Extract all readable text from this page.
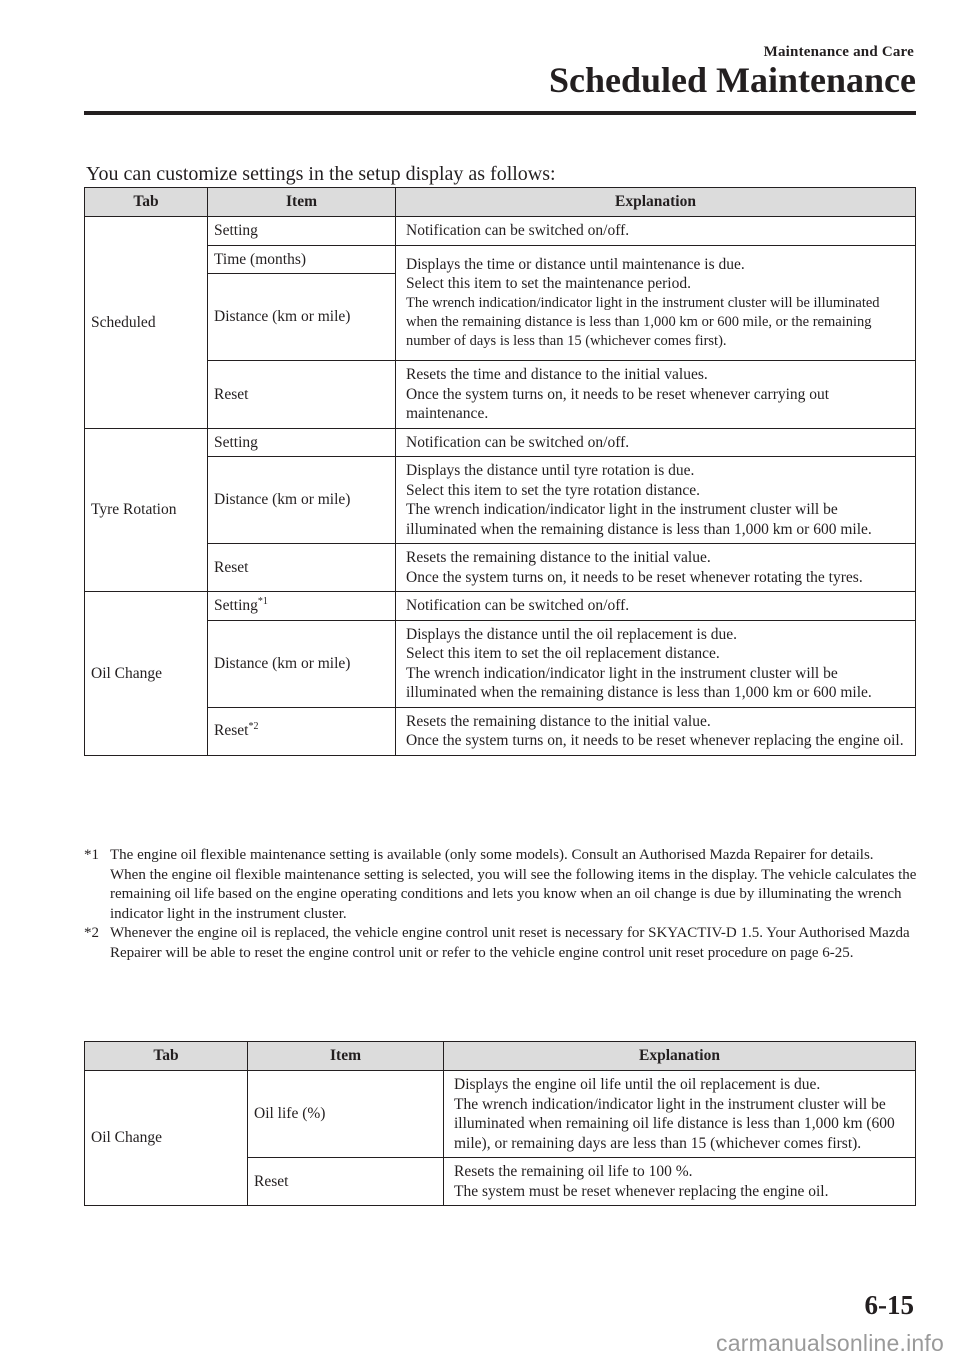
Maintenance and Care

Scheduled Maintenance

You can customize settings in the setup display as follows:

Tab	Item	Explanation
Scheduled	Setting	Notification can be switched on/off.
	Time (months)	Displays the time or distance until maintenance is due.
Select this item to set the maintenance period.
The wrench indication/indicator light in the instrument cluster will be illuminated when the remaining distance is less than 1,000 km or 600 mile, or the remaining number of days is less than 15 (whichever comes first).

	Distance (km or mile)	
	Reset	Resets the time and distance to the initial values.
Once the system turns on, it needs to be reset whenever carrying out maintenance.

Tyre Rotation	Setting	Notification can be switched on/off.
	Distance (km or mile)	Displays the distance until tyre rotation is due.
Select this item to set the tyre rotation distance.
The wrench indication/indicator light in the instrument cluster will be illuminated when the remaining distance is less than 1,000 km or 600 mile.

	Reset	Resets the remaining distance to the initial value.
Once the system turns on, it needs to be reset whenever rotating the tyres.

Oil Change	Setting$^{*1}$	Notification can be switched on/off.
	Distance (km or mile)	Displays the distance until the oil replacement is due.
Select this item to set the oil replacement distance.
The wrench indication/indicator light in the instrument cluster will be illuminated when the remaining distance is less than 1,000 km or 600 mile.

	Reset$^{*2}$	Resets the remaining distance to the initial value.
Once the system turns on, it needs to be reset whenever replacing the engine oil.
*1 The engine oil flexible maintenance setting is available (only some models). Consult an Authorised Mazda Repairer for details.
When the engine oil flexible maintenance setting is selected, you will see the following items in the display. The vehicle calculates the remaining oil life based on the engine operating conditions and lets you know when an oil change is due by illuminating the wrench indicator light in the instrument cluster.
*2 Whenever the engine oil is replaced, the vehicle engine control unit reset is necessary for SKYACTIV-D 1.5. Your Authorised Mazda Repairer will be able to reset the engine control unit or refer to the vehicle engine control unit reset procedure on page 6-25.
Tab	Item	Explanation
Oil Change	Oil life (%)	Displays the engine oil life until the oil replacement is due.
The wrench indication/indicator light in the instrument cluster will be illuminated when remaining oil life distance is less than 1,000 km (600 mile), or remaining days are less than 15 (whichever comes first).

	Reset	Resets the remaining oil life to 100 %.
The system must be reset whenever replacing the engine oil.

6-15

carmanualsonline.info
